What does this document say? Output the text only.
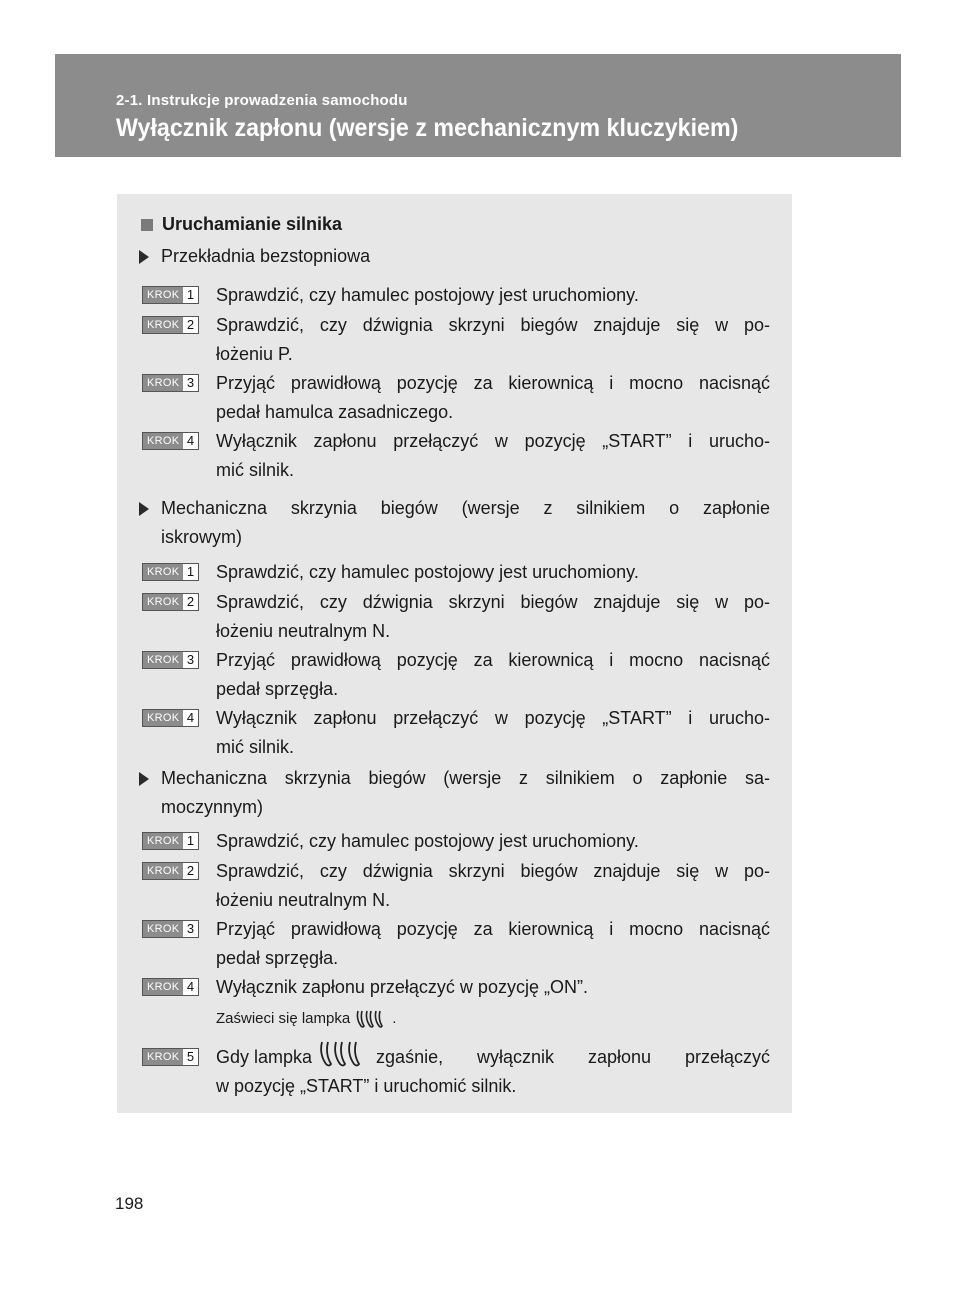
2-1. Instrukcje prowadzenia samochodu
Wyłącznik zapłonu (wersje z mechanicznym kluczykiem)
Uruchamianie silnika
Przekładnia bezstopniowa
KROK 1 Sprawdzić, czy hamulec postojowy jest uruchomiony.
KROK 2 Sprawdzić, czy dźwignia skrzyni biegów znajduje się w po-
łożeniu P.
KROK 3 Przyjąć prawidłową pozycję za kierownicą i mocno nacisnąć
pedał hamulca zasadniczego.
KROK 4 Wyłącznik zapłonu przełączyć w pozycję „START” i urucho-
mić silnik.
Mechaniczna skrzynia biegów (wersje z silnikiem o zapłonie
iskrowym)
KROK 1 Sprawdzić, czy hamulec postojowy jest uruchomiony.
KROK 2 Sprawdzić, czy dźwignia skrzyni biegów znajduje się w po-
łożeniu neutralnym N.
KROK 3 Przyjąć prawidłową pozycję za kierownicą i mocno nacisnąć
pedał sprzęgła.
KROK 4 Wyłącznik zapłonu przełączyć w pozycję „START” i urucho-
mić silnik.
Mechaniczna skrzynia biegów (wersje z silnikiem o zapłonie sa-
moczynnym)
KROK 1 Sprawdzić, czy hamulec postojowy jest uruchomiony.
KROK 2 Sprawdzić, czy dźwignia skrzyni biegów znajduje się w po-
łożeniu neutralnym N.
KROK 3 Przyjąć prawidłową pozycję za kierownicą i mocno nacisnąć
pedał sprzęgła.
KROK 4 Wyłącznik zapłonu przełączyć w pozycję „ON”.
Zaświeci się lampka	.
KROK 5 Gdy lampka	zgaśnie, wyłącznik zapłonu przełączyć
w pozycję „START” i uruchomić silnik.
198
